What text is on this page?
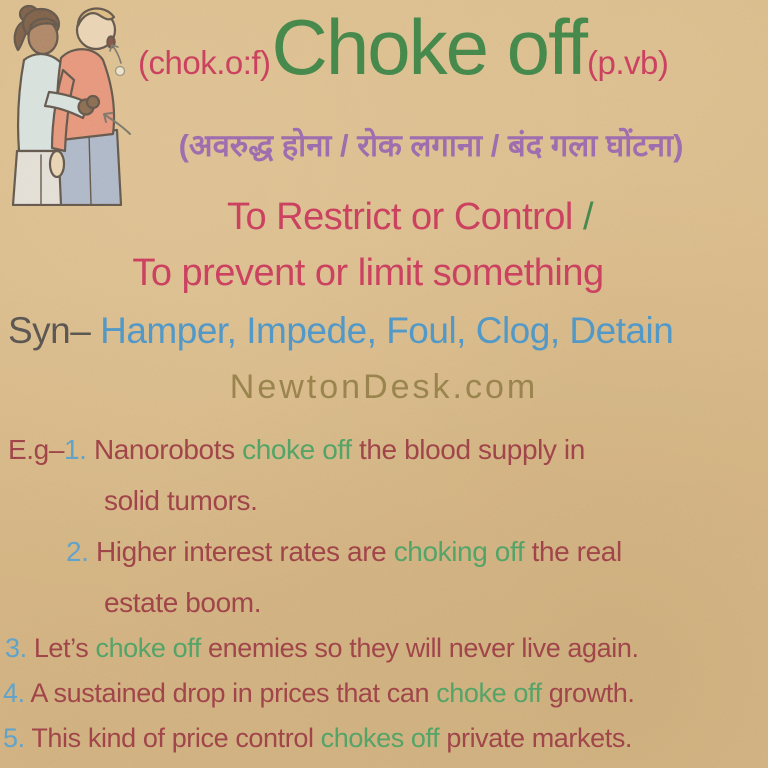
(chok.o:f) Choke off (p.vb)
(अवरुद्ध होना / रोक लगाना / बंद गला घोंटना)
To Restrict or Control /
To prevent or limit something
Syn– Hamper, Impede, Foul, Clog, Detain
NewtonDesk.com
E.g–1. Nanorobots choke off the blood supply in
solid tumors.
2. Higher interest rates are choking off the real
estate boom.
3. Let’s choke off enemies so they will never live again.
4. A sustained drop in prices that can choke off growth.
5. This kind of price control chokes off private markets.
